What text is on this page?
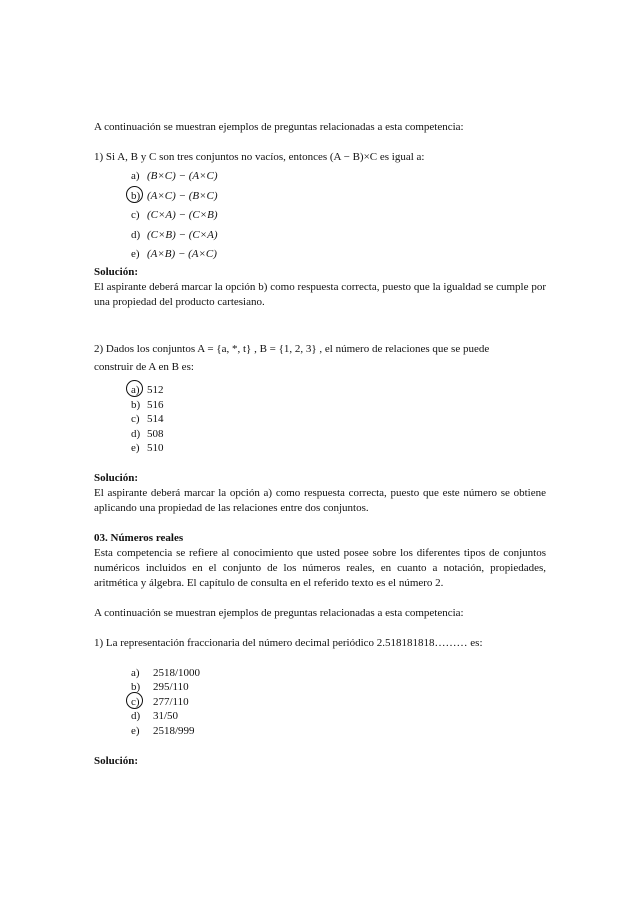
A continuación se muestran ejemplos de preguntas relacionadas a esta competencia:

1) Si A, B y C son tres conjuntos no vacíos, entonces (A − B)×C es igual a:

a) (B×C) − (A×C)
b) (A×C) − (B×C)
c) (C×A) − (C×B)
d) (C×B) − (C×A)
e) (A×B) − (A×C)

Solución:

El aspirante deberá marcar la opción b) como respuesta correcta, puesto que la igualdad se cumple por una propiedad del producto cartesiano.

2) Dados los conjuntos A = {a, *, t} , B = {1, 2, 3} , el número de relaciones que se puede

construir de A en B es:

a) 512
b) 516
c) 514
d) 508
e) 510

Solución:

El aspirante deberá marcar la opción a) como respuesta correcta, puesto que este número se obtiene aplicando una propiedad de las relaciones entre dos conjuntos.

03. Números reales

Esta competencia se refiere al conocimiento que usted posee sobre los diferentes tipos de conjuntos numéricos incluidos en el conjunto de los números reales, en cuanto a notación, propiedades, aritmética y álgebra. El capítulo de consulta en el referido texto es el número 2.

A continuación se muestran ejemplos de preguntas relacionadas a esta competencia:

1) La representación fraccionaria del número decimal periódico 2.518181818……… es:

a)	2518/1000
b)	295/110
c)	277/110
d)	31/50
e)	2518/999

Solución:
